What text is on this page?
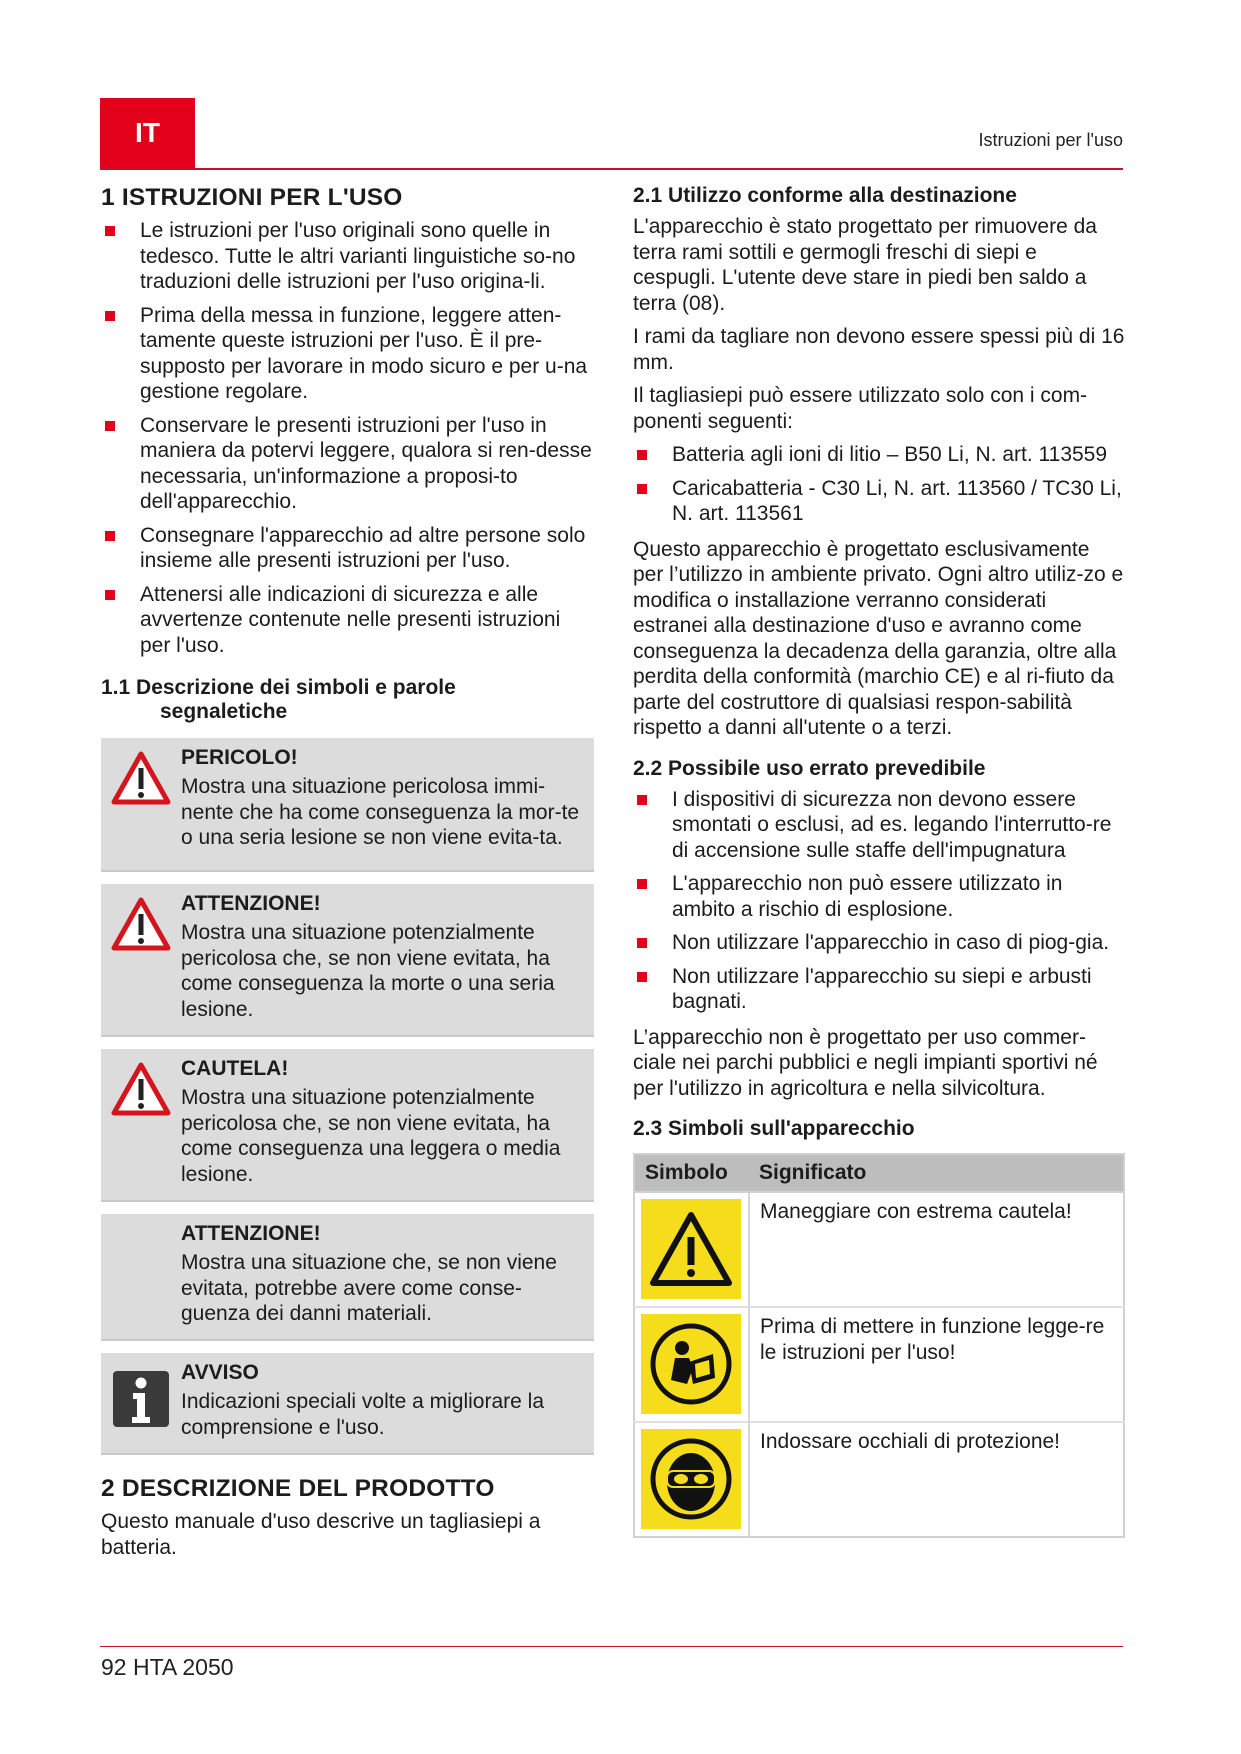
IT	Istruzioni per l'uso
1 ISTRUZIONI PER L'USO
Le istruzioni per l'uso originali sono quelle in tedesco. Tutte le altri varianti linguistiche so-no traduzioni delle istruzioni per l'uso origina-li.
Prima della messa in funzione, leggere atten-tamente queste istruzioni per l'uso. È il pre-supposto per lavorare in modo sicuro e per u-na gestione regolare.
Conservare le presenti istruzioni per l'uso in maniera da potervi leggere, qualora si ren-desse necessaria, un'informazione a proposi-to dell'apparecchio.
Consegnare l'apparecchio ad altre persone solo insieme alle presenti istruzioni per l'uso.
Attenersi alle indicazioni di sicurezza e alle avvertenze contenute nelle presenti istruzioni per l'uso.
1.1 Descrizione dei simboli e parole
segnaletiche
PERICOLO!
Mostra una situazione pericolosa immi-nente che ha come conseguenza la mor-te o una seria lesione se non viene evita-ta.
ATTENZIONE!
Mostra una situazione potenzialmente pericolosa che, se non viene evitata, ha come conseguenza la morte o una seria lesione.
CAUTELA!
Mostra una situazione potenzialmente pericolosa che, se non viene evitata, ha come conseguenza una leggera o media lesione.
ATTENZIONE!
Mostra una situazione che, se non viene evitata, potrebbe avere come conse-guenza dei danni materiali.
AVVISO
Indicazioni speciali volte a migliorare la comprensione e l'uso.
2 DESCRIZIONE DEL PRODOTTO

Questo manuale d'uso descrive un tagliasiepi a batteria.

2.1 Utilizzo conforme alla destinazione

L'apparecchio è stato progettato per rimuovere da terra rami sottili e germogli freschi di siepi e cespugli. L'utente deve stare in piedi ben saldo a terra (08).

I rami da tagliare non devono essere spessi più di 16 mm.

Il tagliasiepi può essere utilizzato solo con i com-ponenti seguenti:

Batteria agli ioni di litio – B50 Li, N. art. 113559
Caricabatteria - C30 Li, N. art. 113560 / TC30 Li, N. art. 113561

Questo apparecchio è progettato esclusivamente per l’utilizzo in ambiente privato. Ogni altro utiliz-zo e modifica o installazione verranno considerati estranei alla destinazione d'uso e avranno come conseguenza la decadenza della garanzia, oltre alla perdita della conformità (marchio CE) e al ri-fiuto da parte del costruttore di qualsiasi respon-sabilità rispetto a danni all'utente o a terzi.

2.2 Possibile uso errato prevedibile
I dispositivi di sicurezza non devono essere smontati o esclusi, ad es. legando l'interrutto-re di accensione sulle staffe dell'impugnatura
L'apparecchio non può essere utilizzato in ambito a rischio di esplosione.
Non utilizzare l'apparecchio in caso di piog-gia.
Non utilizzare l'apparecchio su siepi e arbusti bagnati.

L’apparecchio non è progettato per uso commer-ciale nei parchi pubblici e negli impianti sportivi né per l'utilizzo in agricoltura e nella silvicoltura.

2.3 Simboli sull'apparecchio
Simbolo	Significato

	Maneggiare con estrema cautela!

	Prima di mettere in funzione legge-re le istruzioni per l'uso!

	Indossare occhiali di protezione!
92 HTA 2050
